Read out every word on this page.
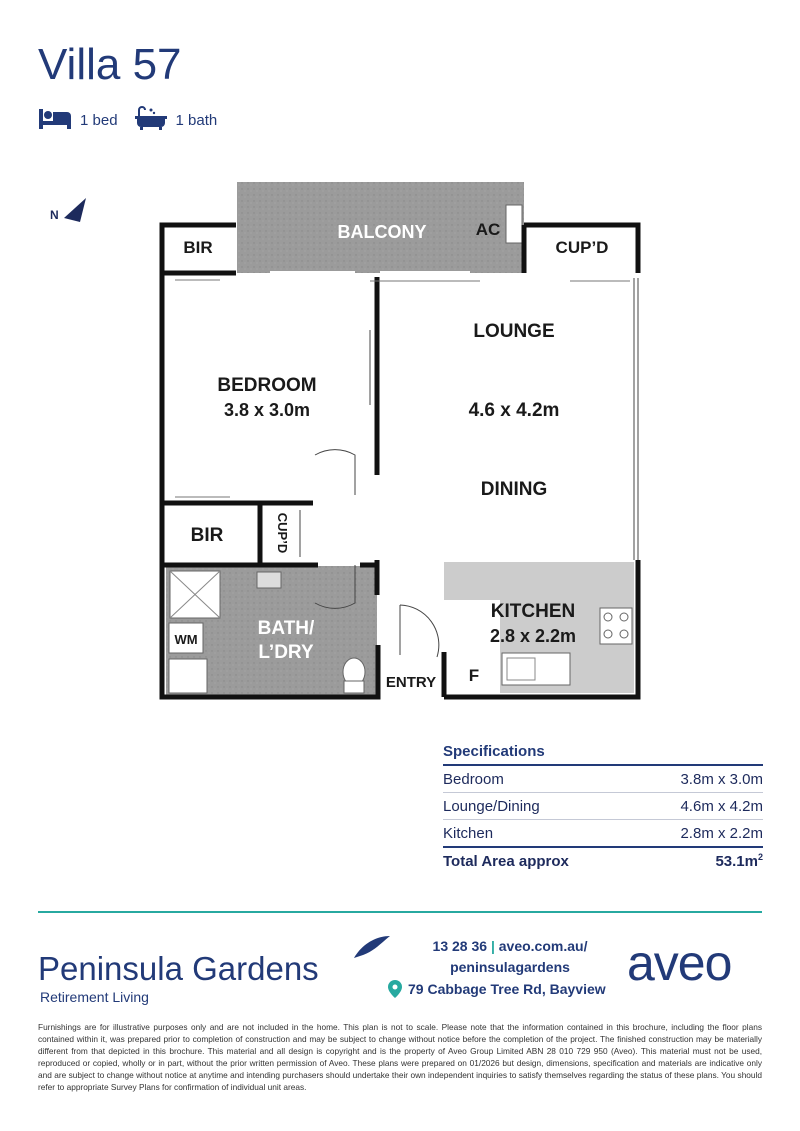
Villa 57
1 bed	1 bath
N
BALCONY	AC
BIR	CUP’D
LOUNGE
4.6 x 4.2m
DINING
BEDROOM
3.8 x 3.0m
BIR	CUP’D
BATH/
L’DRY
WM
KITCHEN
2.8 x 2.2m
F
ENTRY
Specifications
Bedroom	3.8m x 3.0m
Lounge/Dining	4.6m x 4.2m
Kitchen	2.8m x 2.2m
Total Area approx	$53.1m^2$
Peninsula Gardens
Retirement Living
13 28 36 | aveo.com.au/
peninsulagardens
79 Cabbage Tree Rd, Bayview aveo
Furnishings are for illustrative purposes only and are not included in the home. This plan is not to scale. Please note that the information contained in this brochure, including the floor plans contained within it, was prepared prior to completion of construction and may be subject to change without notice before the completion of the project. The finished construction may be materially different from that depicted in this brochure. This material and all design is copyright and is the property of Aveo Group Limited ABN 28 010 729 950 (Aveo). This material must not be used, reproduced or copied, wholly or in part, without the prior written permission of Aveo. These plans were prepared on 01/2026 but design, dimensions, specification and materials are indicative only and are subject to change without notice at anytime and intending purchasers should undertake their own independent inquiries to satisfy themselves regarding the status of these plans. You should refer to appropriate Survey Plans for confirmation of individual unit areas.
